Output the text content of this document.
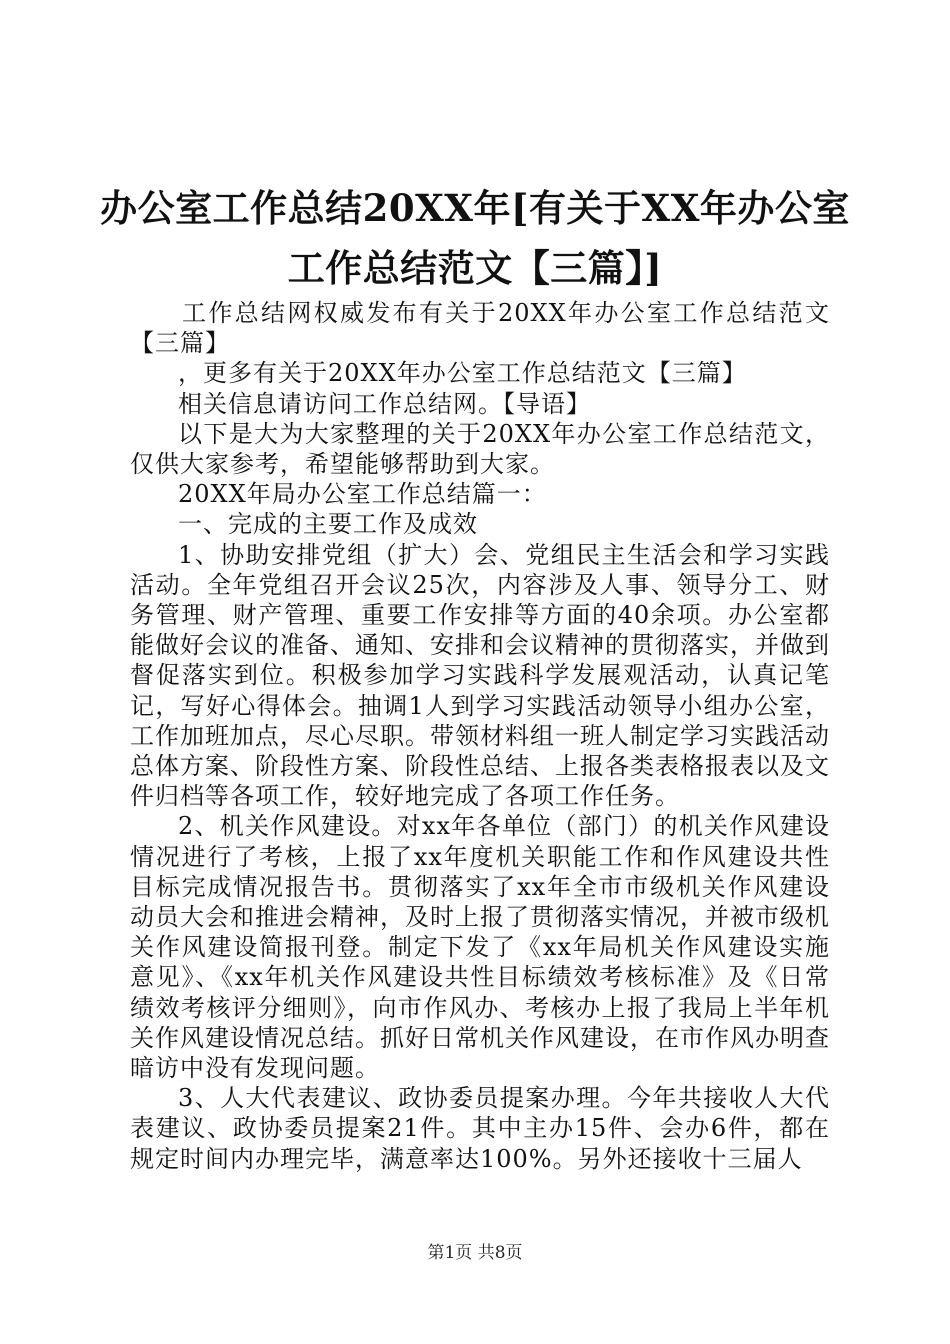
办公室工作总结20XX年[有关于XX年办公室
工作总结范文【三篇】]

工作总结网权威发布有关于20XX年办公室工作总结范文【三篇】

，更多有关于20XX年办公室工作总结范文【三篇】

相关信息请访问工作总结网。【导语】

以下是大为大家整理的关于20XX年办公室工作总结范文，仅供大家参考，希望能够帮助到大家。

20XX年局办公室工作总结篇一：

一、完成的主要工作及成效

1、协助安排党组（扩大）会、党组民主生活会和学习实践活动。全年党组召开会议25次，内容涉及人事、领导分工、财务管理、财产管理、重要工作安排等方面的40余项。办公室都能做好会议的准备、通知、安排和会议精神的贯彻落实，并做到督促落实到位。积极参加学习实践科学发展观活动，认真记笔记，写好心得体会。抽调1人到学习实践活动领导小组办公室，工作加班加点，尽心尽职。带领材料组一班人制定学习实践活动总体方案、阶段性方案、阶段性总结、上报各类表格报表以及文件归档等各项工作，较好地完成了各项工作任务。

2、机关作风建设。对xx年各单位（部门）的机关作风建设情况进行了考核，上报了xx年度机关职能工作和作风建设共性目标完成情况报告书。贯彻落实了xx年全市市级机关作风建设动员大会和推进会精神，及时上报了贯彻落实情况，并被市级机关作风建设简报刊登。制定下发了《xx年局机关作风建设实施意见》、《xx年机关作风建设共性目标绩效考核标准》及《日常绩效考核评分细则》，向市作风办、考核办上报了我局上半年机关作风建设情况总结。抓好日常机关作风建设，在市作风办明查暗访中没有发现问题。

3、人大代表建议、政协委员提案办理。今年共接收人大代表建议、政协委员提案21件。其中主办15件、会办6件，都在规定时间内办理完毕，满意率达100%。另外还接收十三届人

第1页 共8页
